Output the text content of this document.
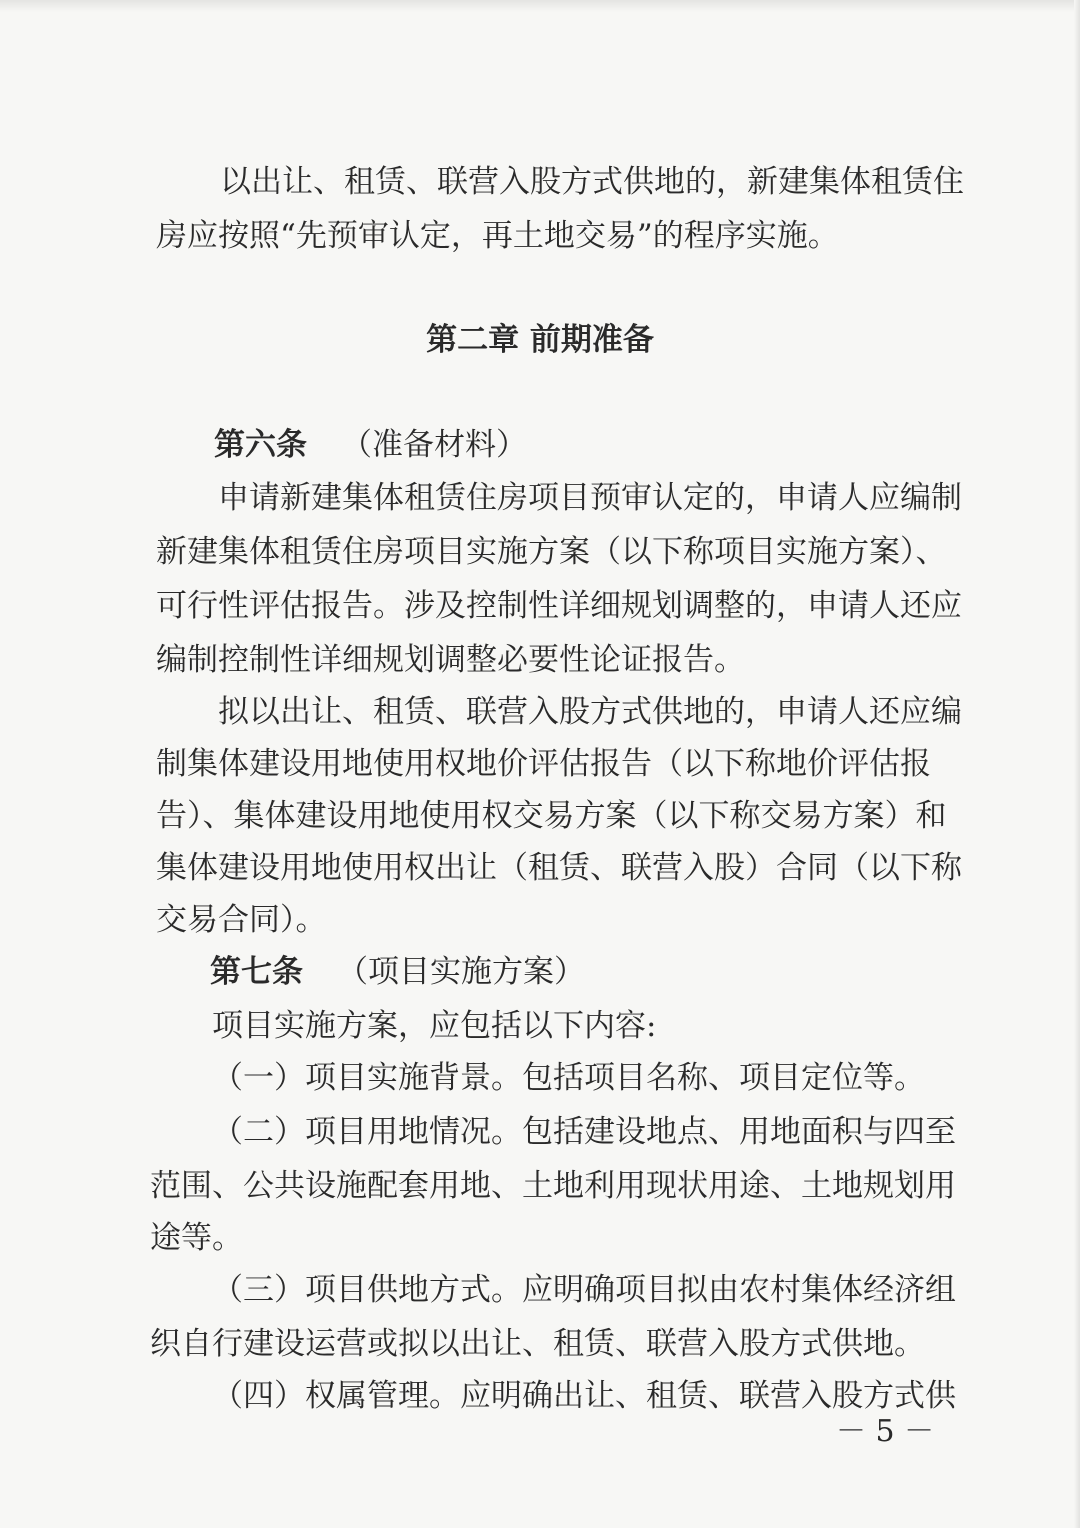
以出让、租赁、联营入股方式供地的，新建集体租赁住
房应按照“先预审认定，再土地交易”的程序实施。
第二章 前期准备
第六条 （准备材料）
申请新建集体租赁住房项目预审认定的，申请人应编制
新建集体租赁住房项目实施方案（以下称项目实施方案）、
可行性评估报告。涉及控制性详细规划调整的，申请人还应
编制控制性详细规划调整必要性论证报告。
拟以出让、租赁、联营入股方式供地的，申请人还应编
制集体建设用地使用权地价评估报告（以下称地价评估报
告）、集体建设用地使用权交易方案（以下称交易方案）和
集体建设用地使用权出让（租赁、联营入股）合同（以下称
交易合同）。
第七条 （项目实施方案）
项目实施方案，应包括以下内容:
（一）项目实施背景。包括项目名称、项目定位等。
（二）项目用地情况。包括建设地点、用地面积与四至
范围、公共设施配套用地、土地利用现状用途、土地规划用
途等。
（三）项目供地方式。应明确项目拟由农村集体经济组
织自行建设运营或拟以出让、租赁、联营入股方式供地。
（四）权属管理。应明确出让、租赁、联营入股方式供
－ 5 －
